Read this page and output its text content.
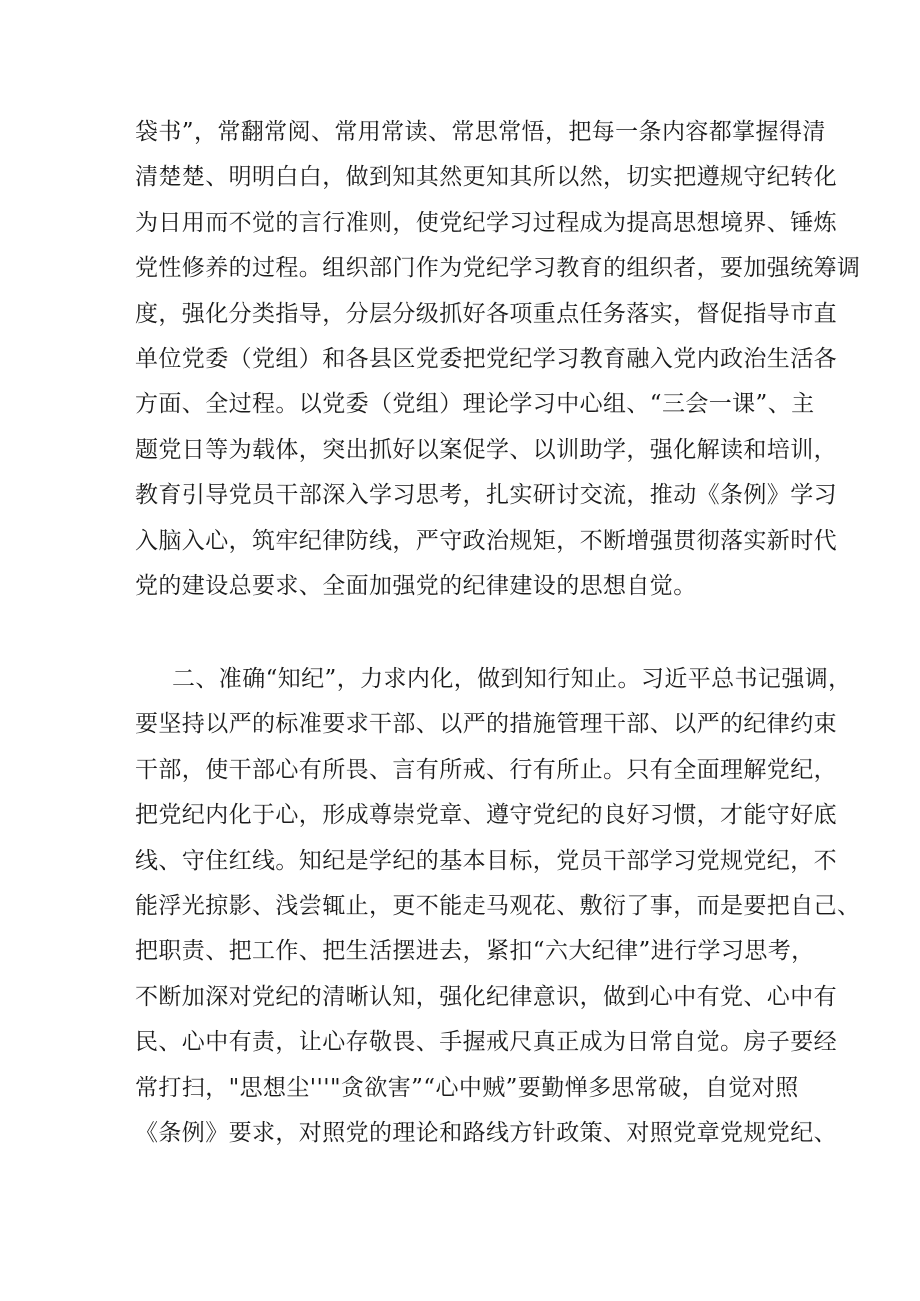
袋书”，常翻常阅、常用常读、常思常悟，把每一条内容都掌握得清
清楚楚、明明白白，做到知其然更知其所以然，切实把遵规守纪转化
为日用而不觉的言行准则，使党纪学习过程成为提高思想境界、锤炼
党性修养的过程。组织部门作为党纪学习教育的组织者，要加强统筹调
度，强化分类指导，分层分级抓好各项重点任务落实，督促指导市直
单位党委（党组）和各县区党委把党纪学习教育融入党内政治生活各
方面、全过程。以党委（党组）理论学习中心组、“三会一课”、主
题党日等为载体，突出抓好以案促学、以训助学，强化解读和培训，
教育引导党员干部深入学习思考，扎实研讨交流，推动《条例》学习
入脑入心，筑牢纪律防线，严守政治规矩，不断增强贯彻落实新时代
党的建设总要求、全面加强党的纪律建设的思想自觉。
二、准确“知纪”，力求内化，做到知行知止。习近平总书记强调，
要坚持以严的标准要求干部、以严的措施管理干部、以严的纪律约束
干部，使干部心有所畏、言有所戒、行有所止。只有全面理解党纪，
把党纪内化于心，形成尊崇党章、遵守党纪的良好习惯，才能守好底
线、守住红线。知纪是学纪的基本目标，党员干部学习党规党纪，不
能浮光掠影、浅尝辄止，更不能走马观花、敷衍了事，而是要把自己、
把职责、把工作、把生活摆进去，紧扣“六大纪律”进行学习思考，
不断加深对党纪的清晰认知，强化纪律意识，做到心中有党、心中有
民、心中有责，让心存敬畏、手握戒尺真正成为日常自觉。房子要经
常打扫，"思想尘'''"贪欲害”“心中贼”要勤惮多思常破，自觉对照
《条例》要求，对照党的理论和路线方针政策、对照党章党规党纪、
